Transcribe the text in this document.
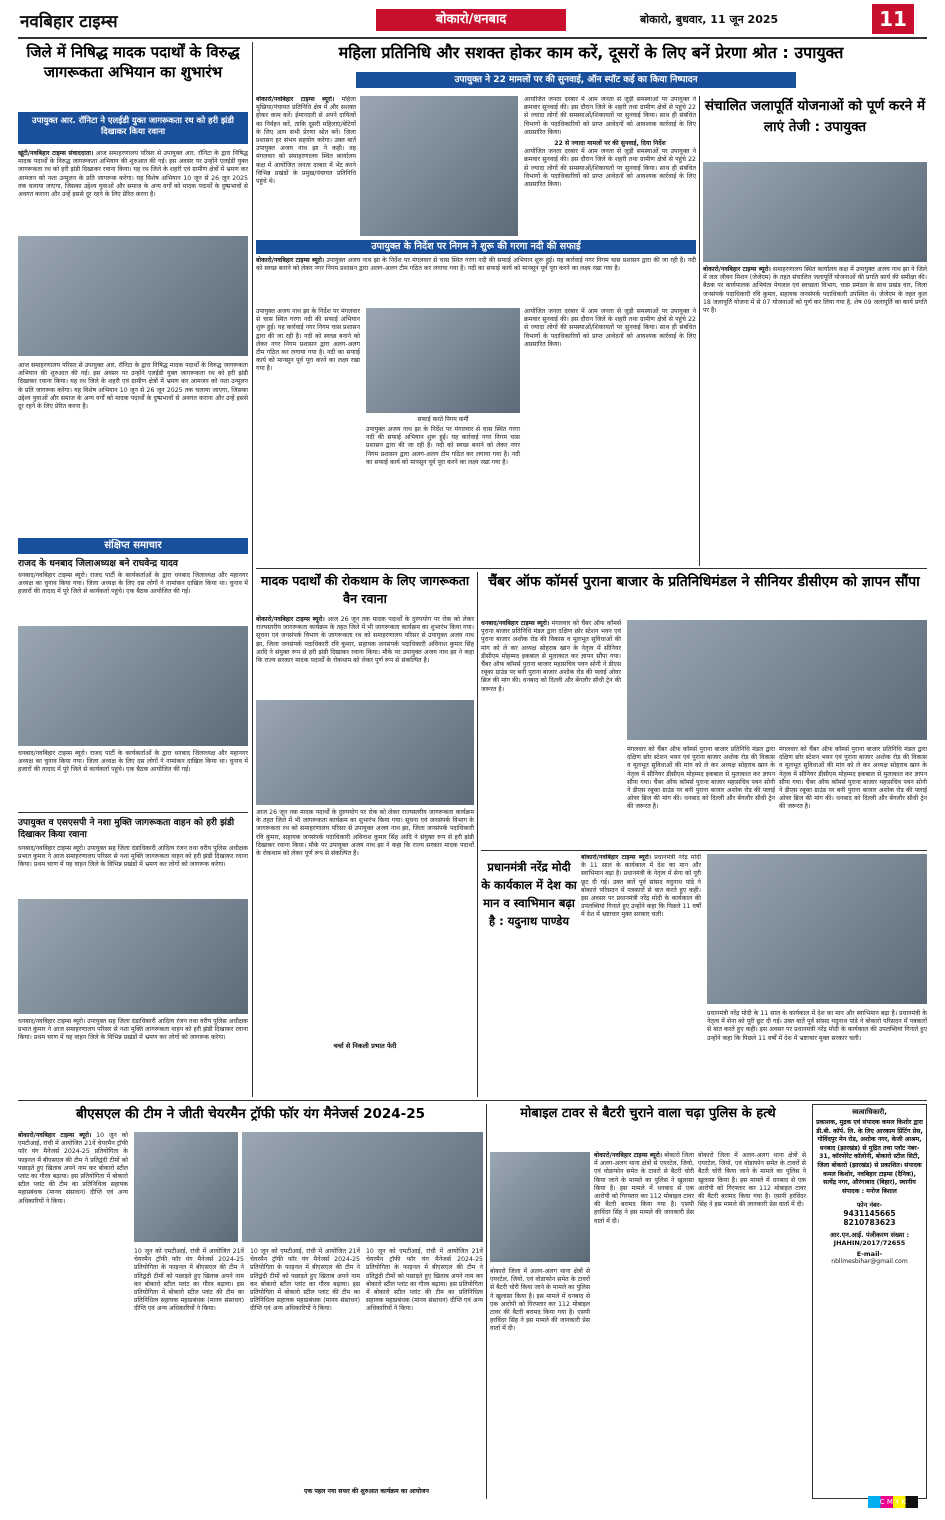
नवबिहार टाइम्स	बोकारो/धनबाद	बोकारो, बुधवार, 11 जून 2025	11
जिले में निषिद्ध मादक पदार्थों के विरुद्ध जागरूकता अभियान का शुभारंभ
उपायुक्त आर. रॉनिटा ने एलईडी युक्त जागरूकता रथ को हरी झंडी दिखाकर किया रवाना
खूंटी/नवबिहार टाइम्स संवाददाता। आज समाहरणालय परिसर से उपायुक्त आर. रॉनिटा के द्वारा निषिद्ध मादक पदार्थों के विरुद्ध जागरूकता अभियान की शुरुआत की गई। इस अवसर पर उन्होंने एलईडी युक्त जागरूकता रथ को हरी झंडी दिखाकर रवाना किया। यह रथ जिले के शहरी एवं ग्रामीण क्षेत्रों में भ्रमण कर आमजन को नशा उन्मूलन के प्रति जागरूक करेगा। यह विशेष अभियान 10 जून से 26 जून 2025 तक चलाया जाएगा, जिसका उद्देश्य युवाओं और समाज के अन्य वर्गों को मादक पदार्थों के दुष्प्रभावों से अवगत कराना और उन्हें इससे दूर रहने के लिए प्रेरित करना है।
आज समाहरणालय परिसर से उपायुक्त आर. रॉनिटा के द्वारा निषिद्ध मादक पदार्थों के विरुद्ध जागरूकता अभियान की शुरुआत की गई। इस अवसर पर उन्होंने एलईडी युक्त जागरूकता रथ को हरी झंडी दिखाकर रवाना किया। यह रथ जिले के शहरी एवं ग्रामीण क्षेत्रों में भ्रमण कर आमजन को नशा उन्मूलन के प्रति जागरूक करेगा। यह विशेष अभियान 10 जून से 26 जून 2025 तक चलाया जाएगा, जिसका उद्देश्य युवाओं और समाज के अन्य वर्गों को मादक पदार्थों के दुष्प्रभावों से अवगत कराना और उन्हें इससे दूर रहने के लिए प्रेरित करना है।
संक्षिप्त समाचार
राजद के धनबाद जिलाअध्यक्ष बने राघवेन्द्र यादव
धनबाद/नवबिहार टाइम्स ब्यूरो। राजद पार्टी के कार्यकर्ताओं के द्वारा धनबाद जिलाध्यक्ष और महानगर अध्यक्ष का चुनाव किया गया। जिला अध्यक्ष के लिए दस लोगों ने नामांकन दाखिल किया था। चुनाव में हजारों की तादाद में पूरे जिले से कार्यकर्ता पहुंचे। एक बैठक आयोजित की गई।
धनबाद/नवबिहार टाइम्स ब्यूरो। राजद पार्टी के कार्यकर्ताओं के द्वारा धनबाद जिलाध्यक्ष और महानगर अध्यक्ष का चुनाव किया गया। जिला अध्यक्ष के लिए दस लोगों ने नामांकन दाखिल किया था। चुनाव में हजारों की तादाद में पूरे जिले से कार्यकर्ता पहुंचे। एक बैठक आयोजित की गई।
उपायुक्त व एसएसपी ने नशा मुक्ति जागरूकता वाहन को हरी झंडी दिखाकर किया रवाना
धनबाद/नवबिहार टाइम्स ब्यूरो। उपायुक्त सह जिला दंडाधिकारी आदित्य रंजन तथा वरीय पुलिस अधीक्षक प्रभात कुमार ने आज समाहरणालय परिसर से नशा मुक्ति जागरूकता वाहन को हरी झंडी दिखाकर रवाना किया। प्रथम चरण में यह वाहन जिले के विभिन्न प्रखंडों में भ्रमण कर लोगों को जागरूक करेगा।
धनबाद/नवबिहार टाइम्स ब्यूरो। उपायुक्त सह जिला दंडाधिकारी आदित्य रंजन तथा वरीय पुलिस अधीक्षक प्रभात कुमार ने आज समाहरणालय परिसर से नशा मुक्ति जागरूकता वाहन को हरी झंडी दिखाकर रवाना किया। प्रथम चरण में यह वाहन जिले के विभिन्न प्रखंडों में भ्रमण कर लोगों को जागरूक करेगा।
महिला प्रतिनिधि और सशक्त होकर काम करें, दूसरों के लिए बनें प्रेरणा श्रोत : उपायुक्त
उपायुक्त ने 22 मामलों पर की सुनवाई, ऑन स्पॉट कई का किया निष्पादन
बोकारो/नवबिहार टाइम्स ब्यूरो। महिला मुखिया/पंचायत प्रतिनिधि क्षेत्र में और सशक्त होकर काम करें। ईमानदारी से अपने दायित्वों का निर्वहन करें, ताकि दूसरी महिलाएं/बेटियों के लिए आप सभी प्रेरणा श्रोत बनें। जिला प्रशासन हर संभव सहयोग करेगा। उक्त बातें उपायुक्त अजय नाथ झा ने कही। वह मंगलवार को समाहरणालय स्थित कार्यालय कक्ष में आयोजित जनता दरबार में भेंट करने विभिन्न प्रखंडों के प्रमुख/पंचायत प्रतिनिधि पहुंचे थे।
आयोजित जनता दरबार में आम जनता से जुड़ी समस्याओं पर उपायुक्त ने क्रमवार सुनवाई की। इस दौरान जिले के शहरी तथा ग्रामीण क्षेत्रों से पहुंचे 22 से ज्यादा लोगों की समस्याओं/शिकायतों पर सुनवाई किया। साथ ही संबंधित विभागों के पदाधिकारियों को प्राप्त आवेदनों को आवश्यक कार्रवाई के लिए अग्रसारित किया।
22 से ज्यादा मामलों पर की सुनवाई, दिया निर्देश
आयोजित जनता दरबार में आम जनता से जुड़ी समस्याओं पर उपायुक्त ने क्रमवार सुनवाई की। इस दौरान जिले के शहरी तथा ग्रामीण क्षेत्रों से पहुंचे 22 से ज्यादा लोगों की समस्याओं/शिकायतों पर सुनवाई किया। साथ ही संबंधित विभागों के पदाधिकारियों को प्राप्त आवेदनों को आवश्यक कार्रवाई के लिए अग्रसारित किया।
उपायुक्त के निर्देश पर निगम ने शुरू की गरगा नदी की सफाई
बोकारो/नवबिहार टाइम्स ब्यूरो। उपायुक्त अजय नाथ झा के निर्देश पर मंगलवार से चास स्थित गरगा नदी की सफाई अभियान शुरू हुई। यह कार्रवाई नगर निगम चास प्रशासन द्वारा की जा रही है। नदी को स्वच्छ बनाने को लेकर नगर निगम प्रशासन द्वारा अलग-अलग टीम गठित कर लगाया गया है। नदी का सफाई कार्य को मानसून पूर्व पूरा करने का लक्ष्य रखा गया है।
सफाई करते निगम कर्मी
उपायुक्त अजय नाथ झा के निर्देश पर मंगलवार से चास स्थित गरगा नदी की सफाई अभियान शुरू हुई। यह कार्रवाई नगर निगम चास प्रशासन द्वारा की जा रही है। नदी को स्वच्छ बनाने को लेकर नगर निगम प्रशासन द्वारा अलग-अलग टीम गठित कर लगाया गया है। नदी का सफाई कार्य को मानसून पूर्व पूरा करने का लक्ष्य रखा गया है।
उपायुक्त अजय नाथ झा के निर्देश पर मंगलवार से चास स्थित गरगा नदी की सफाई अभियान शुरू हुई। यह कार्रवाई नगर निगम चास प्रशासन द्वारा की जा रही है। नदी को स्वच्छ बनाने को लेकर नगर निगम प्रशासन द्वारा अलग-अलग टीम गठित कर लगाया गया है। नदी का सफाई कार्य को मानसून पूर्व पूरा करने का लक्ष्य रखा गया है।
आयोजित जनता दरबार में आम जनता से जुड़ी समस्याओं पर उपायुक्त ने क्रमवार सुनवाई की। इस दौरान जिले के शहरी तथा ग्रामीण क्षेत्रों से पहुंचे 22 से ज्यादा लोगों की समस्याओं/शिकायतों पर सुनवाई किया। साथ ही संबंधित विभागों के पदाधिकारियों को प्राप्त आवेदनों को आवश्यक कार्रवाई के लिए अग्रसारित किया।
संचालित जलापूर्ति योजनाओं को पूर्ण करने में लाएं तेजी : उपायुक्त
बोकारो/नवबिहार टाइम्स ब्यूरो। समाहरणालय स्थित कार्यालय कक्ष में उपायुक्त अजय नाथ झा ने जिले में जल जीवन मिशन (जेजेएम) के तहत संचालित जलापूर्ति योजनाओं की प्रगति कार्य की समीक्षा की। बैठक पर कार्यपालक अभियंता पेयजल एवं स्वच्छता विभाग, चास प्रमंडल के साथ प्रखंड वार, जिला जनसंपर्क पदाधिकारी रवि कुमार, सहायक जनसंपर्क पदाधिकारी उपस्थित थे। जेजेएम के तहत कुल 18 जलापूर्ति योजना में से 07 योजनाओं को पूर्ण कर लिया गया है, शेष 09 जलापूर्ति का कार्य प्रगति पर है।
मादक पदार्थों की रोकथाम के लिए जागरूकता वैन रवाना
बोकारो/नवबिहार टाइम्स ब्यूरो। आज 26 जून तक मादक पदार्थों के दुरुपयोग पर रोक को लेकर राज्यस्तरीय जागरूकता कार्यक्रम के तहत जिले में भी जागरूकता कार्यक्रम का शुभारंभ किया गया। सूचना एवं जनसंपर्क विभाग के जागरूकता रथ को समाहरणालय परिसर से उपायुक्त अजय नाथ झा, जिला जनसंपर्क पदाधिकारी रवि कुमार, सहायक जनसंपर्क पदाधिकारी अविनाश कुमार सिंह आदि ने संयुक्त रूप से हरी झंडी दिखाकर रवाना किया। मौके पर उपायुक्त अजय नाथ झा ने कहा कि राज्य सरकार मादक पदार्थों के रोकथाम को लेकर पूर्ण रूप से संकल्पित है।
आज 26 जून तक मादक पदार्थों के दुरुपयोग पर रोक को लेकर राज्यस्तरीय जागरूकता कार्यक्रम के तहत जिले में भी जागरूकता कार्यक्रम का शुभारंभ किया गया। सूचना एवं जनसंपर्क विभाग के जागरूकता रथ को समाहरणालय परिसर से उपायुक्त अजय नाथ झा, जिला जनसंपर्क पदाधिकारी रवि कुमार, सहायक जनसंपर्क पदाधिकारी अविनाश कुमार सिंह आदि ने संयुक्त रूप से हरी झंडी दिखाकर रवाना किया। मौके पर उपायुक्त अजय नाथ झा ने कहा कि राज्य सरकार मादक पदार्थों के रोकथाम को लेकर पूर्ण रूप से संकल्पित है।
चर्चा से निकली प्रभात फेरी
चैंबर ऑफ कॉमर्स पुराना बाजार के प्रतिनिधिमंडल ने सीनियर डीसीएम को ज्ञापन सौंपा
धनबाद/नवबिहार टाइम्स ब्यूरो। मंगलवार को चैंबर ऑफ कॉमर्स पुराना बाजार प्रतिनिधि मंडल द्वारा दक्षिण छोर स्टेशन भवन एवं पुराना बाजार अशोक रोड की विकास व मूलभूत सुविधाओं की मांग को ले कर अध्यक्ष सोहराब खान के नेतृत्व में सीनियर डीसीएम मोहम्मद इकबाल से मुलाकात कर ज्ञापन सौंपा गया। चैंबर ऑफ कॉमर्स पुराना बाजार महासचिव पवन सोनी ने डीएस रबूका ग्राउंड पर बनी पुराना बाजार अशोक रोड की फ्लाई ओवर ब्रिज की मांग की। धनबाद को दिल्ली और बेंगलौर सीधी ट्रेन की जरूरत है।
मंगलवार को चैंबर ऑफ कॉमर्स पुराना बाजार प्रतिनिधि मंडल द्वारा दक्षिण छोर स्टेशन भवन एवं पुराना बाजार अशोक रोड की विकास व मूलभूत सुविधाओं की मांग को ले कर अध्यक्ष सोहराब खान के नेतृत्व में सीनियर डीसीएम मोहम्मद इकबाल से मुलाकात कर ज्ञापन सौंपा गया। चैंबर ऑफ कॉमर्स पुराना बाजार महासचिव पवन सोनी ने डीएस रबूका ग्राउंड पर बनी पुराना बाजार अशोक रोड की फ्लाई ओवर ब्रिज की मांग की। धनबाद को दिल्ली और बेंगलौर सीधी ट्रेन की जरूरत है।
मंगलवार को चैंबर ऑफ कॉमर्स पुराना बाजार प्रतिनिधि मंडल द्वारा दक्षिण छोर स्टेशन भवन एवं पुराना बाजार अशोक रोड की विकास व मूलभूत सुविधाओं की मांग को ले कर अध्यक्ष सोहराब खान के नेतृत्व में सीनियर डीसीएम मोहम्मद इकबाल से मुलाकात कर ज्ञापन सौंपा गया। चैंबर ऑफ कॉमर्स पुराना बाजार महासचिव पवन सोनी ने डीएस रबूका ग्राउंड पर बनी पुराना बाजार अशोक रोड की फ्लाई ओवर ब्रिज की मांग की। धनबाद को दिल्ली और बेंगलौर सीधी ट्रेन की जरूरत है।
प्रधानमंत्री नरेंद्र मोदी के कार्यकाल में देश का मान व स्वाभिमान बढ़ा है : यदुनाथ पाण्डेय
बोकारो/नवबिहार टाइम्स ब्यूरो। प्रधानमंत्री नरेंद्र मोदी के 11 साल के कार्यकाल में देश का मान और स्वाभिमान बढ़ा है। प्रधानमंत्री के नेतृत्व में सेना को पूरी छूट दी गई। उक्त बातें पूर्व सांसद यदुनाथ पांडे ने बोकारो परिसदन में पत्रकारों से बात करते हुए कही। इस अवसर पर प्रधानमंत्री नरेंद्र मोदी के कार्यकाल की उपलब्धियां गिनाते हुए उन्होंने कहा कि पिछले 11 वर्षों में देश में भ्रष्टाचार मुक्त सरकार चली।
प्रधानमंत्री नरेंद्र मोदी के 11 साल के कार्यकाल में देश का मान और स्वाभिमान बढ़ा है। प्रधानमंत्री के नेतृत्व में सेना को पूरी छूट दी गई। उक्त बातें पूर्व सांसद यदुनाथ पांडे ने बोकारो परिसदन में पत्रकारों से बात करते हुए कही। इस अवसर पर प्रधानमंत्री नरेंद्र मोदी के कार्यकाल की उपलब्धियां गिनाते हुए उन्होंने कहा कि पिछले 11 वर्षों में देश में भ्रष्टाचार मुक्त सरकार चली।
बीएसएल की टीम ने जीती चेयरमैन ट्रॉफी फॉर यंग मैनेजर्स 2024-25
बोकारो/नवबिहार टाइम्स ब्यूरो। 10 जून को एमटीआई, रांची में आयोजित 21वें चेयरमैन ट्रॉफी फॉर यंग मैनेजर्स 2024-25 प्रतियोगिता के फाइनल में बीएसएल की टीम ने प्रतिद्वंदी टीमों को पछाड़ते हुए खिताब अपने नाम कर बोकारो स्टील प्लांट का गौरव बढ़ाया। इस प्रतियोगिता में बोकारो स्टील प्लांट की टीम का प्रतिनिधित्व सहायक महाप्रबंधक (मानव संसाधन) दीप्ति एवं अन्य अधिकारियों ने किया।
10 जून को एमटीआई, रांची में आयोजित 21वें चेयरमैन ट्रॉफी फॉर यंग मैनेजर्स 2024-25 प्रतियोगिता के फाइनल में बीएसएल की टीम ने प्रतिद्वंदी टीमों को पछाड़ते हुए खिताब अपने नाम कर बोकारो स्टील प्लांट का गौरव बढ़ाया। इस प्रतियोगिता में बोकारो स्टील प्लांट की टीम का प्रतिनिधित्व सहायक महाप्रबंधक (मानव संसाधन) दीप्ति एवं अन्य अधिकारियों ने किया।
10 जून को एमटीआई, रांची में आयोजित 21वें चेयरमैन ट्रॉफी फॉर यंग मैनेजर्स 2024-25 प्रतियोगिता के फाइनल में बीएसएल की टीम ने प्रतिद्वंदी टीमों को पछाड़ते हुए खिताब अपने नाम कर बोकारो स्टील प्लांट का गौरव बढ़ाया। इस प्रतियोगिता में बोकारो स्टील प्लांट की टीम का प्रतिनिधित्व सहायक महाप्रबंधक (मानव संसाधन) दीप्ति एवं अन्य अधिकारियों ने किया।
10 जून को एमटीआई, रांची में आयोजित 21वें चेयरमैन ट्रॉफी फॉर यंग मैनेजर्स 2024-25 प्रतियोगिता के फाइनल में बीएसएल की टीम ने प्रतिद्वंदी टीमों को पछाड़ते हुए खिताब अपने नाम कर बोकारो स्टील प्लांट का गौरव बढ़ाया। इस प्रतियोगिता में बोकारो स्टील प्लांट की टीम का प्रतिनिधित्व सहायक महाप्रबंधक (मानव संसाधन) दीप्ति एवं अन्य अधिकारियों ने किया।
एक पहल नया सफर की शुरुआत कार्यक्रम का आयोजन
मोबाइल टावर से बैटरी चुराने वाला चढ़ा पुलिस के हत्थे
बोकारो/नवबिहार टाइम्स ब्यूरो। बोकारो जिला में अलग-अलग थाना क्षेत्रों से एयरटेल, जियो, एवं वोडाफोन समेत के टावरों से बैटरी चोरी किया जाने के मामले का पुलिस ने खुलासा किया है। इस मामले में धनबाद से एक आरोपी को गिरफ्तार कर 112 मोबाइल टावर की बैटरी बरामद किया गया है। एसपी हरविंदर सिंह ने इस मामले की जानकारी प्रेस वार्ता में दी।
बोकारो जिला में अलग-अलग थाना क्षेत्रों से एयरटेल, जियो, एवं वोडाफोन समेत के टावरों से बैटरी चोरी किया जाने के मामले का पुलिस ने खुलासा किया है। इस मामले में धनबाद से एक आरोपी को गिरफ्तार कर 112 मोबाइल टावर की बैटरी बरामद किया गया है। एसपी हरविंदर सिंह ने इस मामले की जानकारी प्रेस वार्ता में दी।
बोकारो जिला में अलग-अलग थाना क्षेत्रों से एयरटेल, जियो, एवं वोडाफोन समेत के टावरों से बैटरी चोरी किया जाने के मामले का पुलिस ने खुलासा किया है। इस मामले में धनबाद से एक आरोपी को गिरफ्तार कर 112 मोबाइल टावर की बैटरी बरामद किया गया है। एसपी हरविंदर सिंह ने इस मामले की जानकारी प्रेस वार्ता में दी।
स्वत्वाधिकारी,
प्रकाशक, मुद्रक एवं संपादक कमल किशोर द्वारा डी.बी. कॉर्प. लि. के लिए आरकाम प्रिंटिंग प्रेस, गोविंदपुर मेन रोड, अशोक नगर, केजी आश्रम, धनबाद (झारखंड) से मुद्रित तथा प्लॉट नंबर- 31, कॉरपोरेट कॉलोनी, बोकारो स्टील सिटी, जिला बोकारो (झारखंड) से प्रकाशित। संपादक कमल किशोर, नवबिहार टाइम्स (दैनिक), सत्येंद्र नगर, औरंगाबाद (बिहार), स्थानीय संपादक : मनोज बिशाल
फोन नंबर-
9431145665
8210783623
आर.एन.आई. पंजीकरण संख्या :
JHAHIN/2017/72655
E-mail-
nblimesbihar@gmail.com
C M Y K
